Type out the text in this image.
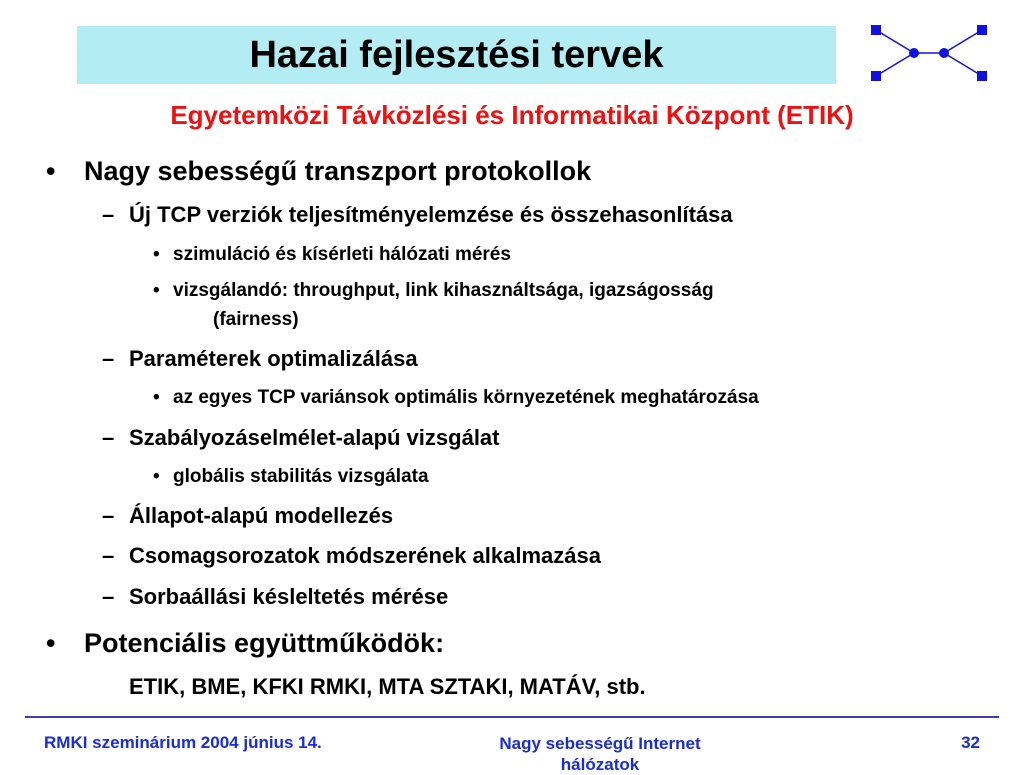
Hazai fejlesztési tervek
Egyetemközi Távközlési és Informatikai Központ (ETIK)
• Nagy sebességű transzport protokollok
– Új TCP verziók teljesítményelemzése és összehasonlítása
• szimuláció és kísérleti hálózati mérés
• vizsgálandó: throughput, link kihasználtsága, igazságosság
(fairness)
– Paraméterek optimalizálása
• az egyes TCP variánsok optimális környezetének meghatározása
– Szabályozáselmélet-alapú vizsgálat
• globális stabilitás vizsgálata
– Állapot-alapú modellezés
– Csomagsorozatok módszerének alkalmazása
– Sorbaállási késleltetés mérése
• Potenciális együttműködök:
ETIK, BME, KFKI RMKI, MTA SZTAKI, MATÁV, stb.
RMKI szeminárium 2004 június 14.	Nagy sebességű Internet
hálózatok
32
